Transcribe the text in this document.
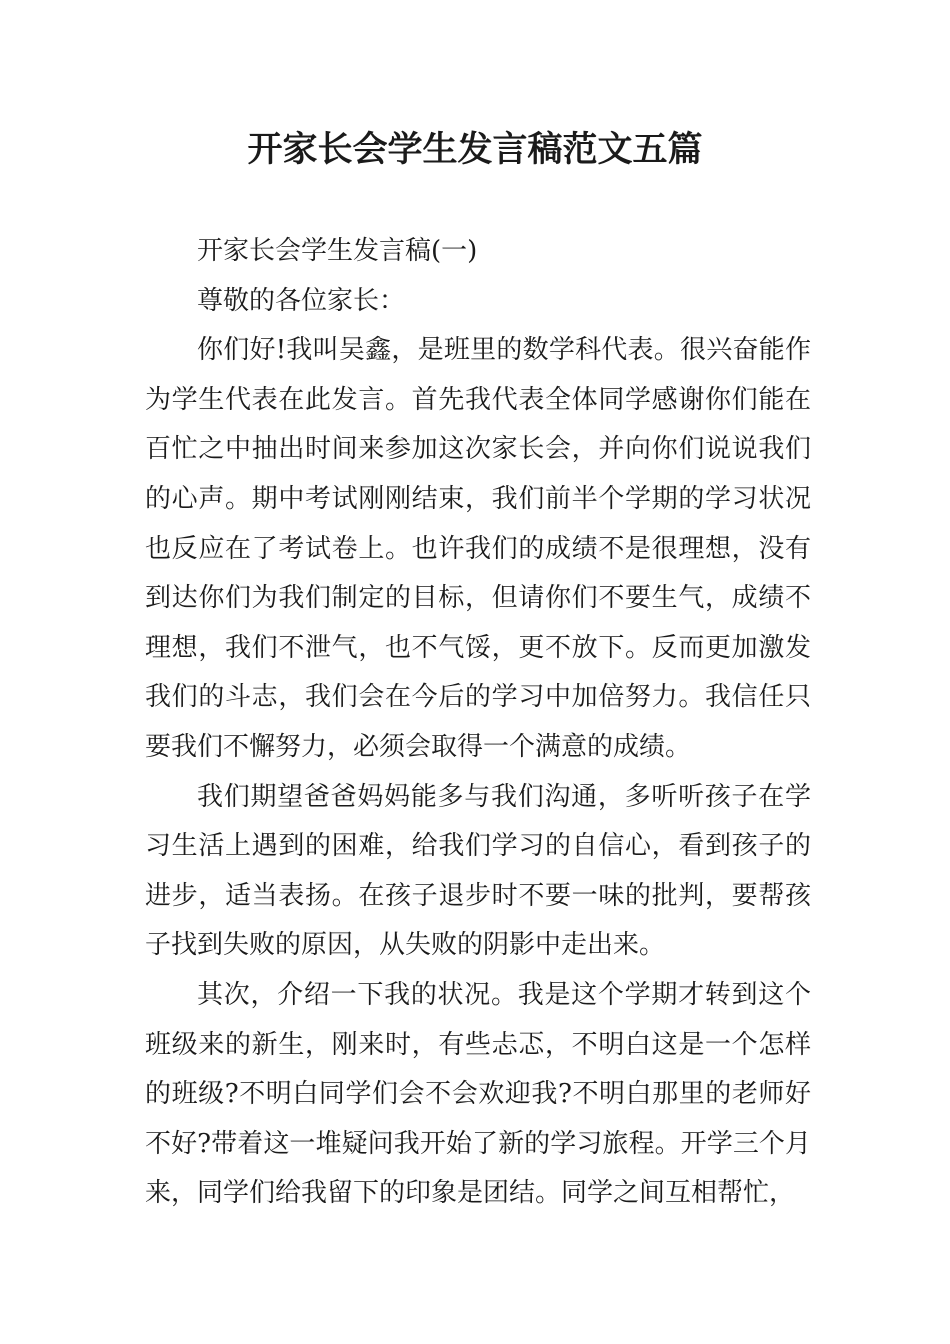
开家长会学生发言稿范文五篇

开家长会学生发言稿(一)

尊敬的各位家长：

你们好!我叫吴鑫，是班里的数学科代表。很兴奋能作为学生代表在此发言。首先我代表全体同学感谢你们能在百忙之中抽出时间来参加这次家长会，并向你们说说我们的心声。期中考试刚刚结束，我们前半个学期的学习状况也反应在了考试卷上。也许我们的成绩不是很理想，没有到达你们为我们制定的目标，但请你们不要生气，成绩不理想，我们不泄气，也不气馁，更不放下。反而更加激发我们的斗志，我们会在今后的学习中加倍努力。我信任只要我们不懈努力，必须会取得一个满意的成绩。

我们期望爸爸妈妈能多与我们沟通，多听听孩子在学习生活上遇到的困难，给我们学习的自信心，看到孩子的进步，适当表扬。在孩子退步时不要一味的批判，要帮孩子找到失败的原因，从失败的阴影中走出来。

其次，介绍一下我的状况。我是这个学期才转到这个班级来的新生，刚来时，有些忐忑，不明白这是一个怎样的班级?不明白同学们会不会欢迎我?不明白那里的老师好不好?带着这一堆疑问我开始了新的学习旅程。开学三个月来，同学们给我留下的印象是团结。同学之间互相帮忙，
